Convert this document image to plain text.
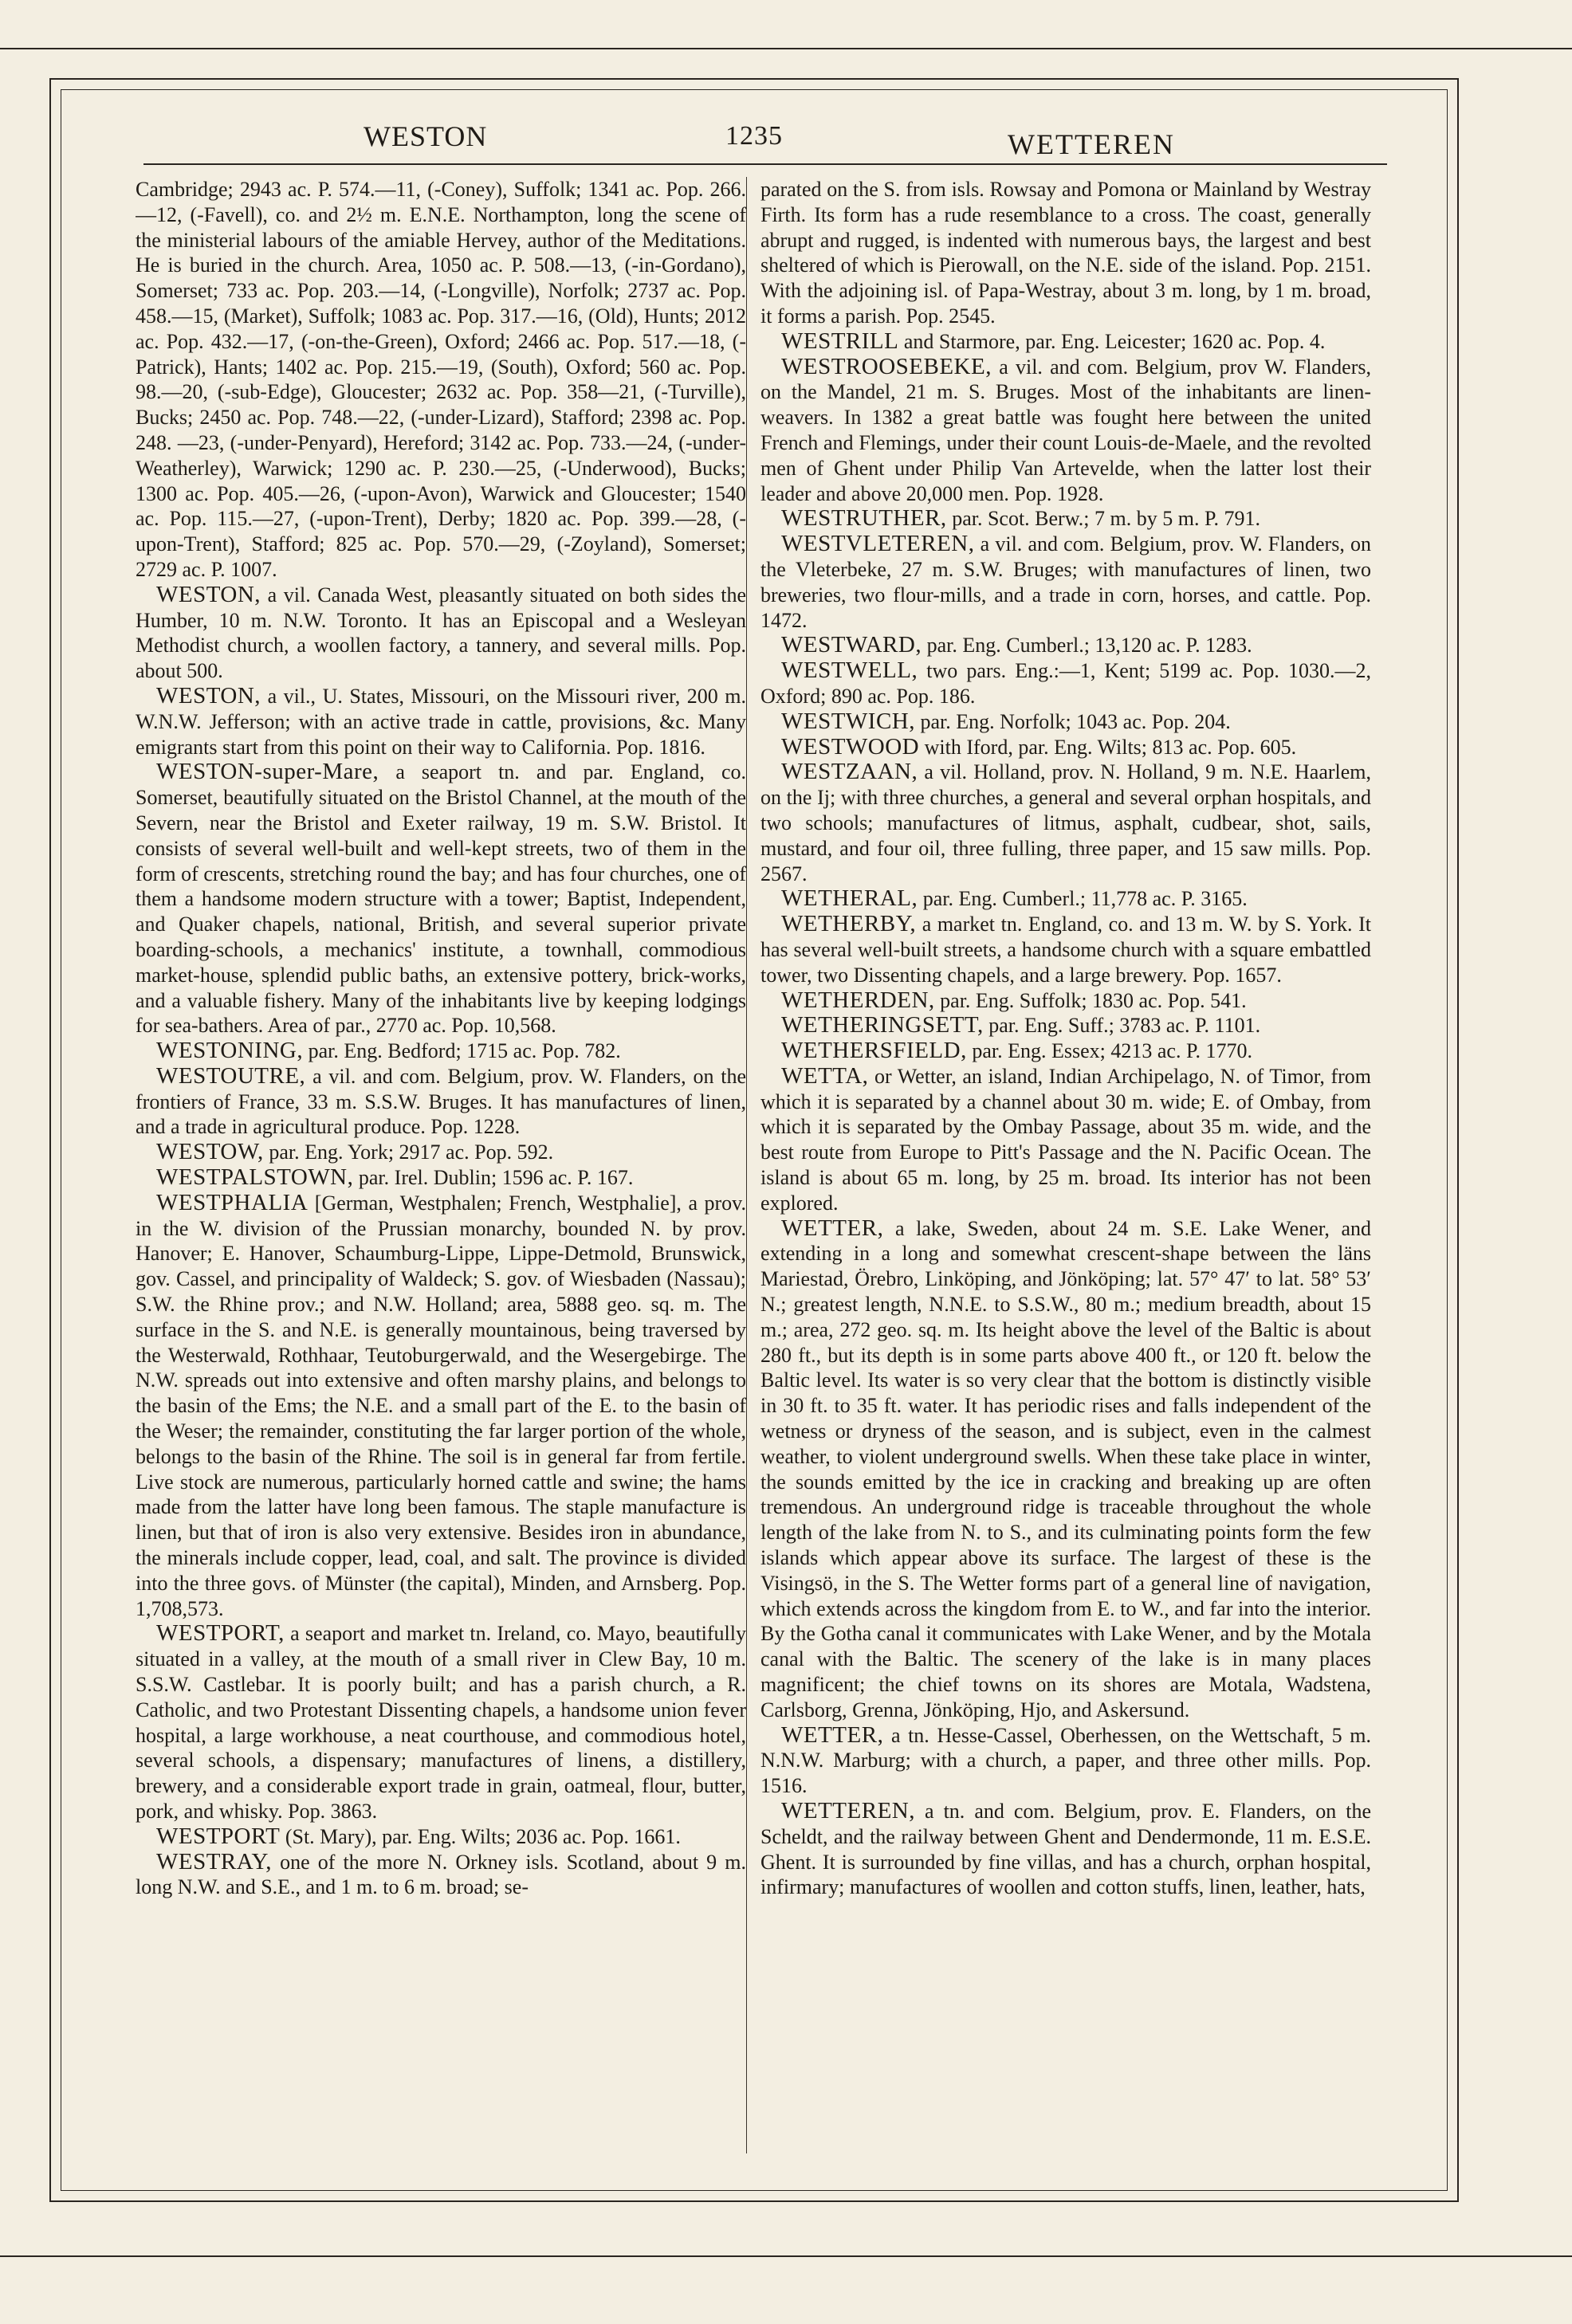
WESTON	1235	WETTEREN

Cambridge; 2943 ac. P. 574.—11, (-Coney), Suffolk; 1341 ac. Pop. 266.—12, (-Favell), co. and 2½ m. E.N.E. Northampton, long the scene of the ministerial labours of the amiable Hervey, author of the Meditations. He is buried in the church. Area, 1050 ac. P. 508.—13, (-in-Gordano), Somerset; 733 ac. Pop. 203.—14, (-Longville), Norfolk; 2737 ac. Pop. 458.—15, (Market), Suffolk; 1083 ac. Pop. 317.—16, (Old), Hunts; 2012 ac. Pop. 432.—17, (-on-the-Green), Oxford; 2466 ac. Pop. 517.—18, (-Patrick), Hants; 1402 ac. Pop. 215.—19, (South), Oxford; 560 ac. Pop. 98.—20, (-sub-Edge), Gloucester; 2632 ac. Pop. 358—21, (-Turville), Bucks; 2450 ac. Pop. 748.—22, (-under-Lizard), Stafford; 2398 ac. Pop. 248. —23, (-under-Penyard), Hereford; 3142 ac. Pop. 733.—24, (-under-Weatherley), Warwick; 1290 ac. P. 230.—25, (-Underwood), Bucks; 1300 ac. Pop. 405.—26, (-upon-Avon), Warwick and Gloucester; 1540 ac. Pop. 115.—27, (-upon-Trent), Derby; 1820 ac. Pop. 399.—28, (-upon-Trent), Stafford; 825 ac. Pop. 570.—29, (-Zoyland), Somerset; 2729 ac. P. 1007.

WESTON, a vil. Canada West, pleasantly situated on both sides the Humber, 10 m. N.W. Toronto. It has an Episcopal and a Wesleyan Methodist church, a woollen factory, a tannery, and several mills. Pop. about 500.

WESTON, a vil., U. States, Missouri, on the Missouri river, 200 m. W.N.W. Jefferson; with an active trade in cattle, provisions, &c. Many emigrants start from this point on their way to California. Pop. 1816.

WESTON-super-Mare, a seaport tn. and par. England, co. Somerset, beautifully situated on the Bristol Channel, at the mouth of the Severn, near the Bristol and Exeter railway, 19 m. S.W. Bristol. It consists of several well-built and well-kept streets, two of them in the form of crescents, stretching round the bay; and has four churches, one of them a handsome modern structure with a tower; Baptist, Independent, and Quaker chapels, national, British, and several superior private boarding-schools, a mechanics' institute, a townhall, commodious market-house, splendid public baths, an extensive pottery, brick-works, and a valuable fishery. Many of the inhabitants live by keeping lodgings for sea-bathers. Area of par., 2770 ac. Pop. 10,568.

WESTONING, par. Eng. Bedford; 1715 ac. Pop. 782.

WESTOUTRE, a vil. and com. Belgium, prov. W. Flanders, on the frontiers of France, 33 m. S.S.W. Bruges. It has manufactures of linen, and a trade in agricultural produce. Pop. 1228.

WESTOW, par. Eng. York; 2917 ac. Pop. 592.

WESTPALSTOWN, par. Irel. Dublin; 1596 ac. P. 167.

WESTPHALIA [German, Westphalen; French, Westphalie], a prov. in the W. division of the Prussian monarchy, bounded N. by prov. Hanover; E. Hanover, Schaumburg-Lippe, Lippe-Detmold, Brunswick, gov. Cassel, and principality of Waldeck; S. gov. of Wiesbaden (Nassau); S.W. the Rhine prov.; and N.W. Holland; area, 5888 geo. sq. m. The surface in the S. and N.E. is generally mountainous, being traversed by the Westerwald, Rothhaar, Teutoburgerwald, and the Wesergebirge. The N.W. spreads out into extensive and often marshy plains, and belongs to the basin of the Ems; the N.E. and a small part of the E. to the basin of the Weser; the remainder, constituting the far larger portion of the whole, belongs to the basin of the Rhine. The soil is in general far from fertile. Live stock are numerous, particularly horned cattle and swine; the hams made from the latter have long been famous. The staple manufacture is linen, but that of iron is also very extensive. Besides iron in abundance, the minerals include copper, lead, coal, and salt. The province is divided into the three govs. of Münster (the capital), Minden, and Arnsberg. Pop. 1,708,573.

WESTPORT, a seaport and market tn. Ireland, co. Mayo, beautifully situated in a valley, at the mouth of a small river in Clew Bay, 10 m. S.S.W. Castlebar. It is poorly built; and has a parish church, a R. Catholic, and two Protestant Dissenting chapels, a handsome union fever hospital, a large workhouse, a neat courthouse, and commodious hotel, several schools, a dispensary; manufactures of linens, a distillery, brewery, and a considerable export trade in grain, oatmeal, flour, butter, pork, and whisky. Pop. 3863.

WESTPORT (St. Mary), par. Eng. Wilts; 2036 ac. Pop. 1661.

WESTRAY, one of the more N. Orkney isls. Scotland, about 9 m. long N.W. and S.E., and 1 m. to 6 m. broad; se-

parated on the S. from isls. Rowsay and Pomona or Mainland by Westray Firth. Its form has a rude resemblance to a cross. The coast, generally abrupt and rugged, is indented with numerous bays, the largest and best sheltered of which is Pierowall, on the N.E. side of the island. Pop. 2151. With the adjoining isl. of Papa-Westray, about 3 m. long, by 1 m. broad, it forms a parish. Pop. 2545.

WESTRILL and Starmore, par. Eng. Leicester; 1620 ac. Pop. 4.

WESTROOSEBEKE, a vil. and com. Belgium, prov W. Flanders, on the Mandel, 21 m. S. Bruges. Most of the inhabitants are linen-weavers. In 1382 a great battle was fought here between the united French and Flemings, under their count Louis-de-Maele, and the revolted men of Ghent under Philip Van Artevelde, when the latter lost their leader and above 20,000 men. Pop. 1928.

WESTRUTHER, par. Scot. Berw.; 7 m. by 5 m. P. 791.

WESTVLETEREN, a vil. and com. Belgium, prov. W. Flanders, on the Vleterbeke, 27 m. S.W. Bruges; with manufactures of linen, two breweries, two flour-mills, and a trade in corn, horses, and cattle. Pop. 1472.

WESTWARD, par. Eng. Cumberl.; 13,120 ac. P. 1283.

WESTWELL, two pars. Eng.:—1, Kent; 5199 ac. Pop. 1030.—2, Oxford; 890 ac. Pop. 186.

WESTWICH, par. Eng. Norfolk; 1043 ac. Pop. 204.

WESTWOOD with Iford, par. Eng. Wilts; 813 ac. Pop. 605.

WESTZAAN, a vil. Holland, prov. N. Holland, 9 m. N.E. Haarlem, on the Ij; with three churches, a general and several orphan hospitals, and two schools; manufactures of litmus, asphalt, cudbear, shot, sails, mustard, and four oil, three fulling, three paper, and 15 saw mills. Pop. 2567.

WETHERAL, par. Eng. Cumberl.; 11,778 ac. P. 3165.

WETHERBY, a market tn. England, co. and 13 m. W. by S. York. It has several well-built streets, a handsome church with a square embattled tower, two Dissenting chapels, and a large brewery. Pop. 1657.

WETHERDEN, par. Eng. Suffolk; 1830 ac. Pop. 541.

WETHERINGSETT, par. Eng. Suff.; 3783 ac. P. 1101.

WETHERSFIELD, par. Eng. Essex; 4213 ac. P. 1770.

WETTA, or Wetter, an island, Indian Archipelago, N. of Timor, from which it is separated by a channel about 30 m. wide; E. of Ombay, from which it is separated by the Ombay Passage, about 35 m. wide, and the best route from Europe to Pitt's Passage and the N. Pacific Ocean. The island is about 65 m. long, by 25 m. broad. Its interior has not been explored.

WETTER, a lake, Sweden, about 24 m. S.E. Lake Wener, and extending in a long and somewhat crescent-shape between the läns Mariestad, Örebro, Linköping, and Jönköping; lat. 57° 47′ to lat. 58° 53′ N.; greatest length, N.N.E. to S.S.W., 80 m.; medium breadth, about 15 m.; area, 272 geo. sq. m. Its height above the level of the Baltic is about 280 ft., but its depth is in some parts above 400 ft., or 120 ft. below the Baltic level. Its water is so very clear that the bottom is distinctly visible in 30 ft. to 35 ft. water. It has periodic rises and falls independent of the wetness or dryness of the season, and is subject, even in the calmest weather, to violent underground swells. When these take place in winter, the sounds emitted by the ice in cracking and breaking up are often tremendous. An underground ridge is traceable throughout the whole length of the lake from N. to S., and its culminating points form the few islands which appear above its surface. The largest of these is the Visingsö, in the S. The Wetter forms part of a general line of navigation, which extends across the kingdom from E. to W., and far into the interior. By the Gotha canal it communicates with Lake Wener, and by the Motala canal with the Baltic. The scenery of the lake is in many places magnificent; the chief towns on its shores are Motala, Wadstena, Carlsborg, Grenna, Jönköping, Hjo, and Askersund.

WETTER, a tn. Hesse-Cassel, Oberhessen, on the Wettschaft, 5 m. N.N.W. Marburg; with a church, a paper, and three other mills. Pop. 1516.

WETTEREN, a tn. and com. Belgium, prov. E. Flanders, on the Scheldt, and the railway between Ghent and Dendermonde, 11 m. E.S.E. Ghent. It is surrounded by fine villas, and has a church, orphan hospital, infirmary; manufactures of woollen and cotton stuffs, linen, leather, hats,
